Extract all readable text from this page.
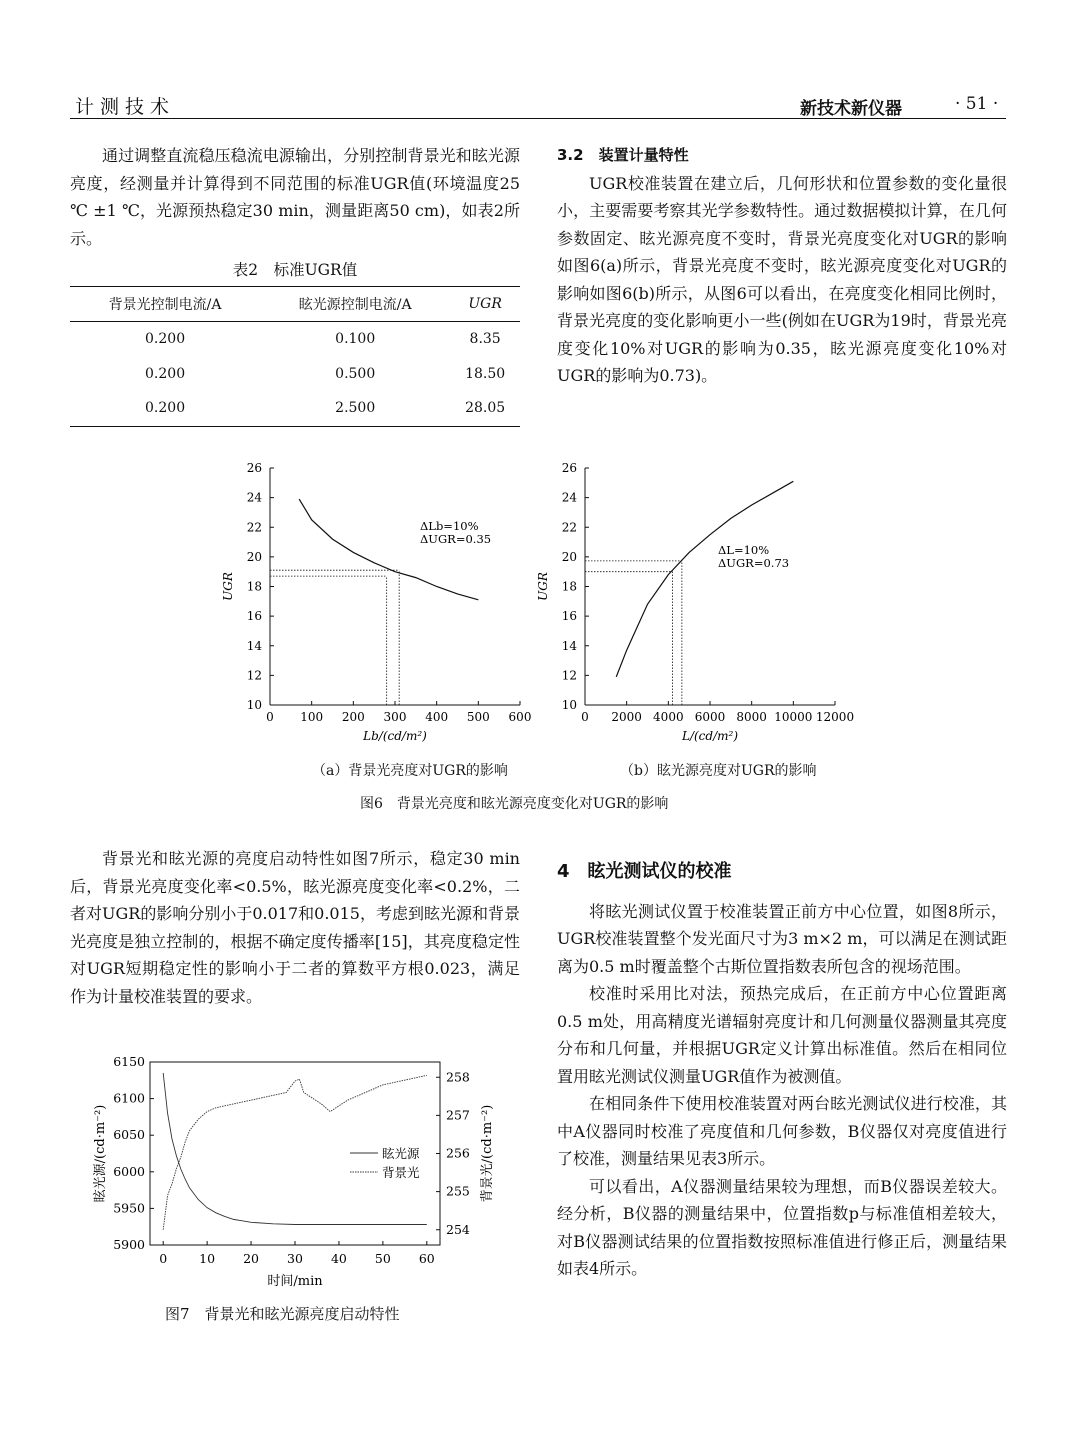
计测技术	新技术新仪器	· 51 ·

通过调整直流稳压稳流电源输出，分别控制背景光和眩光源亮度，经测量并计算得到不同范围的标准UGR值(环境温度25 ℃ ±1 ℃，光源预热稳定30 min，测量距离50 cm)，如表2所示。

表2　标准UGR值
背景光控制电流/A	眩光源控制电流/A	UGR
0.200	0.100	8.35
0.200	0.500	18.50
0.200	2.500	28.05
3.2　装置计量特性

UGR校准装置在建立后，几何形状和位置参数的变化量很小，主要需要考察其光学参数特性。通过数据模拟计算，在几何参数固定、眩光源亮度不变时，背景光亮度变化对UGR的影响如图6(a)所示，背景光亮度不变时，眩光源亮度变化对UGR的影响如图6(b)所示，从图6可以看出，在亮度变化相同比例时，背景光亮度的变化影响更小一些(例如在UGR为19时，背景光亮度变化10%对UGR的影响为0.35，眩光源亮度变化10%对UGR的影响为0.73)。

0 100 200 300 400 500 600
10
12
14
16
18
20
22
24
26
ΔLb=10%
ΔUGR=0.35
Lb/(cd/m²)
UGR
0 2000 4000 6000 8000 10000 12000
10
12
14
16
18
20
22
24
26
ΔL=10%
ΔUGR=0.73
L/(cd/m²)
UGR
（a）背景光亮度对UGR的影响	（b）眩光源亮度对UGR的影响
图6　背景光亮度和眩光源亮度变化对UGR的影响

背景光和眩光源的亮度启动特性如图7所示，稳定30 min后，背景光亮度变化率<0.5%，眩光源亮度变化率<0.2%，二者对UGR的影响分别小于0.017和0.015，考虑到眩光源和背景光亮度是独立控制的，根据不确定度传播率[15]，其亮度稳定性对UGR短期稳定性的影响小于二者的算数平方根0.023，满足作为计量校准装置的要求。

0	10 20 30 40 50 60
5900
5950
6000
6050
6100
6150
254
255
256
257
258
眩光源
背景光
时间/min
眩光源/(cd·m⁻²)	背景光/(cd·m⁻²)
图7　背景光和眩光源亮度启动特性
4　眩光测试仪的校准

将眩光测试仪置于校准装置正前方中心位置，如图8所示，UGR校准装置整个发光面尺寸为3 m×2 m，可以满足在测试距离为0.5 m时覆盖整个古斯位置指数表所包含的视场范围。

校准时采用比对法，预热完成后，在正前方中心位置距离0.5 m处，用高精度光谱辐射亮度计和几何测量仪器测量其亮度分布和几何量，并根据UGR定义计算出标准值。然后在相同位置用眩光测试仪测量UGR值作为被测值。

在相同条件下使用校准装置对两台眩光测试仪进行校准，其中A仪器同时校准了亮度值和几何参数，B仪器仅对亮度值进行了校准，测量结果见表3所示。

可以看出，A仪器测量结果较为理想，而B仪器误差较大。经分析，B仪器的测量结果中，位置指数p与标准值相差较大，对B仪器测试结果的位置指数按照标准值进行修正后，测量结果如表4所示。
